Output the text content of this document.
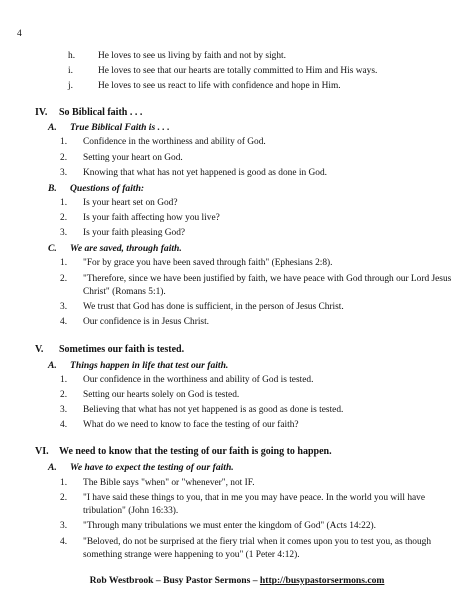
4
h. He loves to see us living by faith and not by sight.
i.	He loves to see that our hearts are totally committed to Him and His ways.
j.	He loves to see us react to life with confidence and hope in Him.
IV. So Biblical faith . . .
A. True Biblical Faith is . . .
1. Confidence in the worthiness and ability of God.
2. Setting your heart on God.
3. Knowing that what has not yet happened is good as done in God.
B. Questions of faith:
1. Is your heart set on God?
2. Is your faith affecting how you live?
3. Is your faith pleasing God?
C. We are saved, through faith.
1. "For by grace you have been saved through faith" (Ephesians 2:8).
2. "Therefore, since we have been justified by faith, we have peace with God through our Lord Jesus
Christ" (Romans 5:1).
3. We trust that God has done is sufficient, in the person of Jesus Christ.
4. Our confidence is in Jesus Christ.
V. Sometimes our faith is tested.
A. Things happen in life that test our faith.
1. Our confidence in the worthiness and ability of God is tested.
2. Setting our hearts solely on God is tested.
3. Believing that what has not yet happened is as good as done is tested.
4. What do we need to know to face the testing of our faith?
VI. We need to know that the testing of our faith is going to happen.
A. We have to expect the testing of our faith.
1. The Bible says "when" or "whenever", not IF.
2. "I have said these things to you, that in me you may have peace. In the world you will have
tribulation" (John 16:33).
3. "Through many tribulations we must enter the kingdom of God" (Acts 14:22).
4. "Beloved, do not be surprised at the fiery trial when it comes upon you to test you, as though
something strange were happening to you" (1 Peter 4:12).
Rob Westbrook – Busy Pastor Sermons – http://busypastorsermons.com
